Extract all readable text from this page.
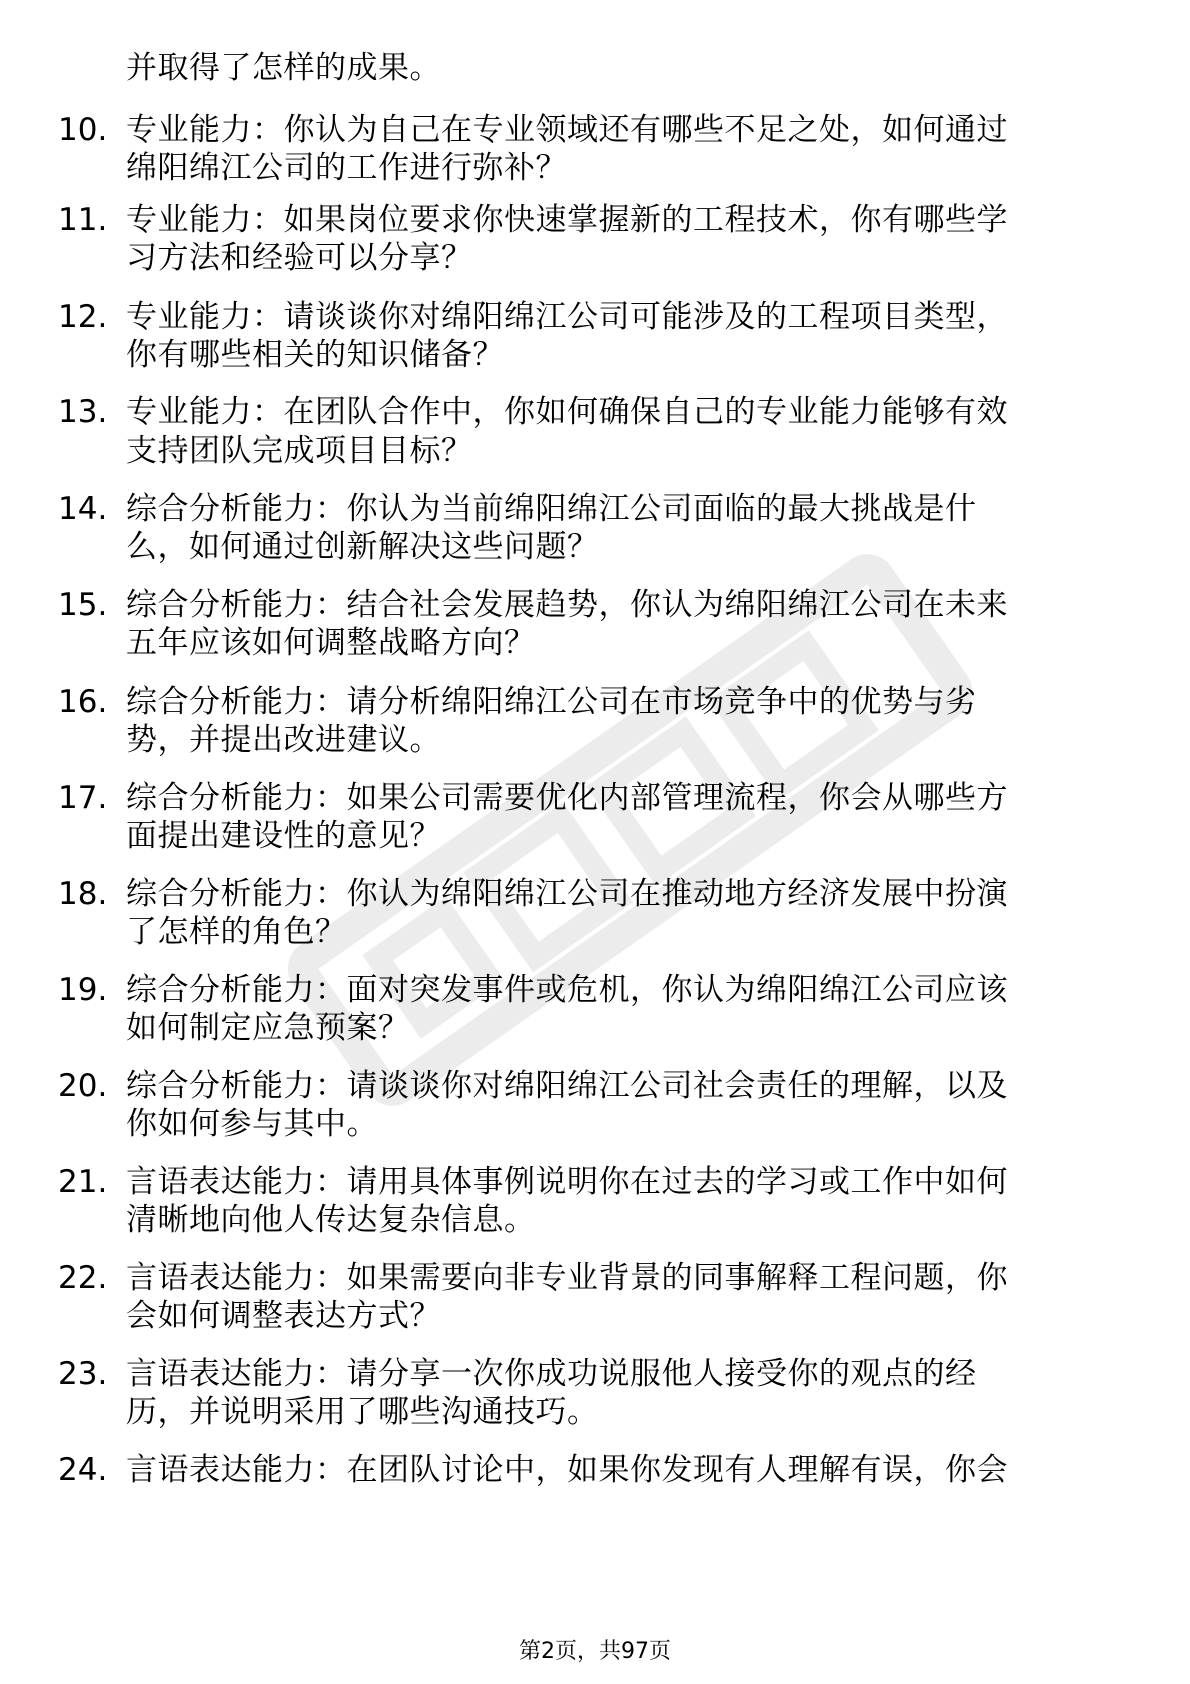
并取得了怎样的成果。
10. 专业能力：你认为自己在专业领域还有哪些不足之处，如何通过
绵阳绵江公司的工作进行弥补？
11. 专业能力：如果岗位要求你快速掌握新的工程技术，你有哪些学
习方法和经验可以分享？
12. 专业能力：请谈谈你对绵阳绵江公司可能涉及的工程项目类型，
你有哪些相关的知识储备？
13. 专业能力：在团队合作中，你如何确保自己的专业能力能够有效
支持团队完成项目目标？
14. 综合分析能力：你认为当前绵阳绵江公司面临的最大挑战是什
么，如何通过创新解决这些问题？
15. 综合分析能力：结合社会发展趋势，你认为绵阳绵江公司在未来
五年应该如何调整战略方向？
16. 综合分析能力：请分析绵阳绵江公司在市场竞争中的优势与劣
势，并提出改进建议。
17. 综合分析能力：如果公司需要优化内部管理流程，你会从哪些方
面提出建设性的意见？
18. 综合分析能力：你认为绵阳绵江公司在推动地方经济发展中扮演
了怎样的角色？
19. 综合分析能力：面对突发事件或危机，你认为绵阳绵江公司应该
如何制定应急预案？
20. 综合分析能力：请谈谈你对绵阳绵江公司社会责任的理解，以及
你如何参与其中。
21. 言语表达能力：请用具体事例说明你在过去的学习或工作中如何
清晰地向他人传达复杂信息。
22. 言语表达能力：如果需要向非专业背景的同事解释工程问题，你
会如何调整表达方式？
23. 言语表达能力：请分享一次你成功说服他人接受你的观点的经
历，并说明采用了哪些沟通技巧。
24. 言语表达能力：在团队讨论中，如果你发现有人理解有误，你会
第2页，共97页
